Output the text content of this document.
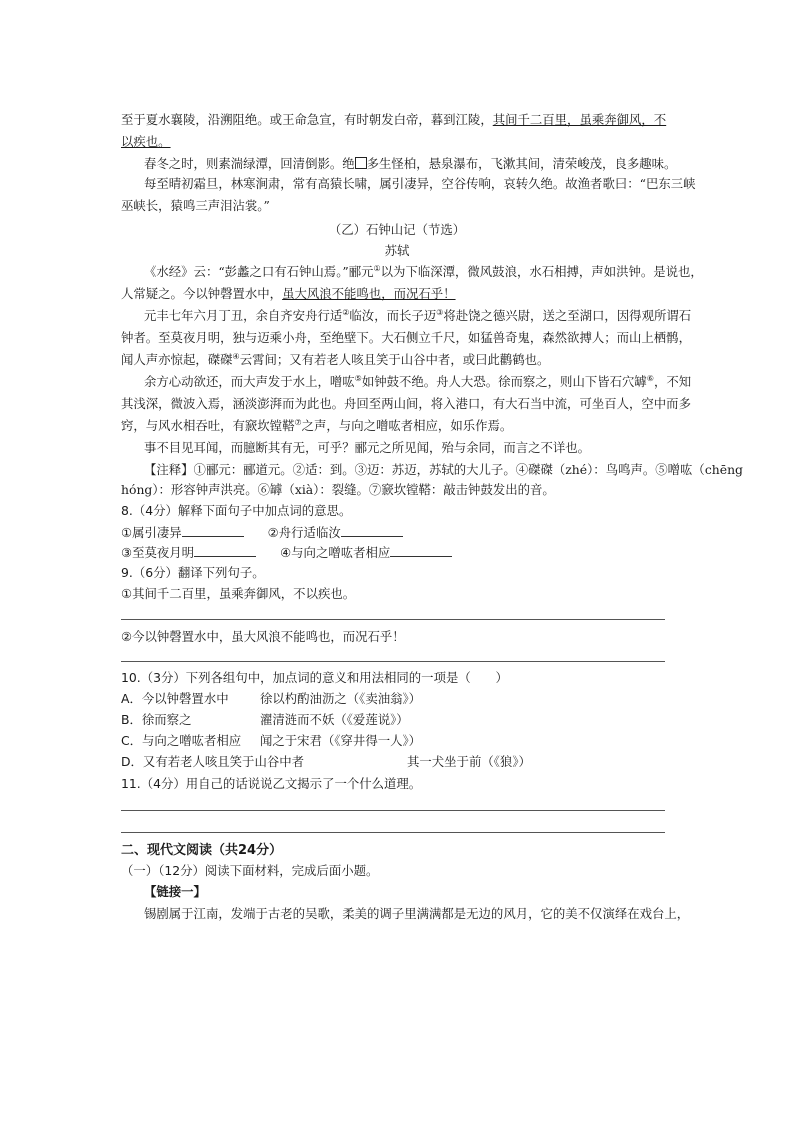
至于夏水襄陵，沿溯阻绝。或王命急宣，有时朝发白帝，暮到江陵，其间千二百里，虽乘奔御风，不
以疾也。
春冬之时，则素湍绿潭，回清倒影。绝 多生怪柏，悬泉瀑布，飞漱其间，清荣峻茂，良多趣味。
每至晴初霜旦，林寒涧肃，常有高猿长啸，属引凄异，空谷传响，哀转久绝。故渔者歌曰：“巴东三峡
巫峡长，猿鸣三声泪沾裳。”
（乙）石钟山记（节选）
苏轼
《水经》云：“彭蠡之口有石钟山焉。”郦元①以为下临深潭，微风鼓浪，水石相搏，声如洪钟。是说也，
人常疑之。今以钟磬置水中，虽大风浪不能鸣也，而况石乎！
元丰七年六月丁丑，余自齐安舟行适②临汝，而长子迈③将赴饶之德兴尉，送之至湖口，因得观所谓石
钟者。至莫夜月明，独与迈乘小舟，至绝壁下。大石侧立千尺，如猛兽奇鬼，森然欲搏人；而山上栖鹘，
闻人声亦惊起，磔磔④云霄间；又有若老人咳且笑于山谷中者，或曰此鹳鹤也。
余方心动欲还，而大声发于水上，噌吰⑤如钟鼓不绝。舟人大恐。徐而察之，则山下皆石穴罅⑥，不知
其浅深，微波入焉，涵淡澎湃而为此也。舟回至两山间，将入港口，有大石当中流，可坐百人，空中而多
窍，与风水相吞吐，有窾坎镗鞳⑦之声，与向之噌吰者相应，如乐作焉。
事不目见耳闻，而臆断其有无，可乎？郦元之所见闻，殆与余同，而言之不详也。
【注释】①郦元：郦道元。②适：到。③迈：苏迈，苏轼的大儿子。④磔磔（zhé）：鸟鸣声。⑤噌吰（chēng
hóng）：形容钟声洪亮。⑥罅（xià）：裂缝。⑦窾坎镗鞳：敲击钟鼓发出的音。
8.（4分）解释下面句子中加点词的意思。
①属引凄异	②舟行适临汝
③至莫夜月明	④与向之噌吰者相应
9.（6分）翻译下列句子。
①其间千二百里，虽乘奔御风，不以疾也。
②今以钟磬置水中，虽大风浪不能鸣也，而况石乎！
10.（3分）下列各组句中，加点词的意义和用法相同的一项是（　　）
A．今以钟磬置水中	徐以杓酌油沥之（《卖油翁》）
B．徐而察之	濯清涟而不妖（《爱莲说》）
C．与向之噌吰者相应 闻之于宋君（《穿井得一人》）
D．又有若老人咳且笑于山谷中者	其一犬坐于前（《狼》）
11.（4分）用自己的话说说乙文揭示了一个什么道理。
二、现代文阅读（共24分）
（一）（12分）阅读下面材料，完成后面小题。
【链接一】
锡剧属于江南，发端于古老的吴歌，柔美的调子里满满都是无边的风月，它的美不仅演绎在戏台上，
